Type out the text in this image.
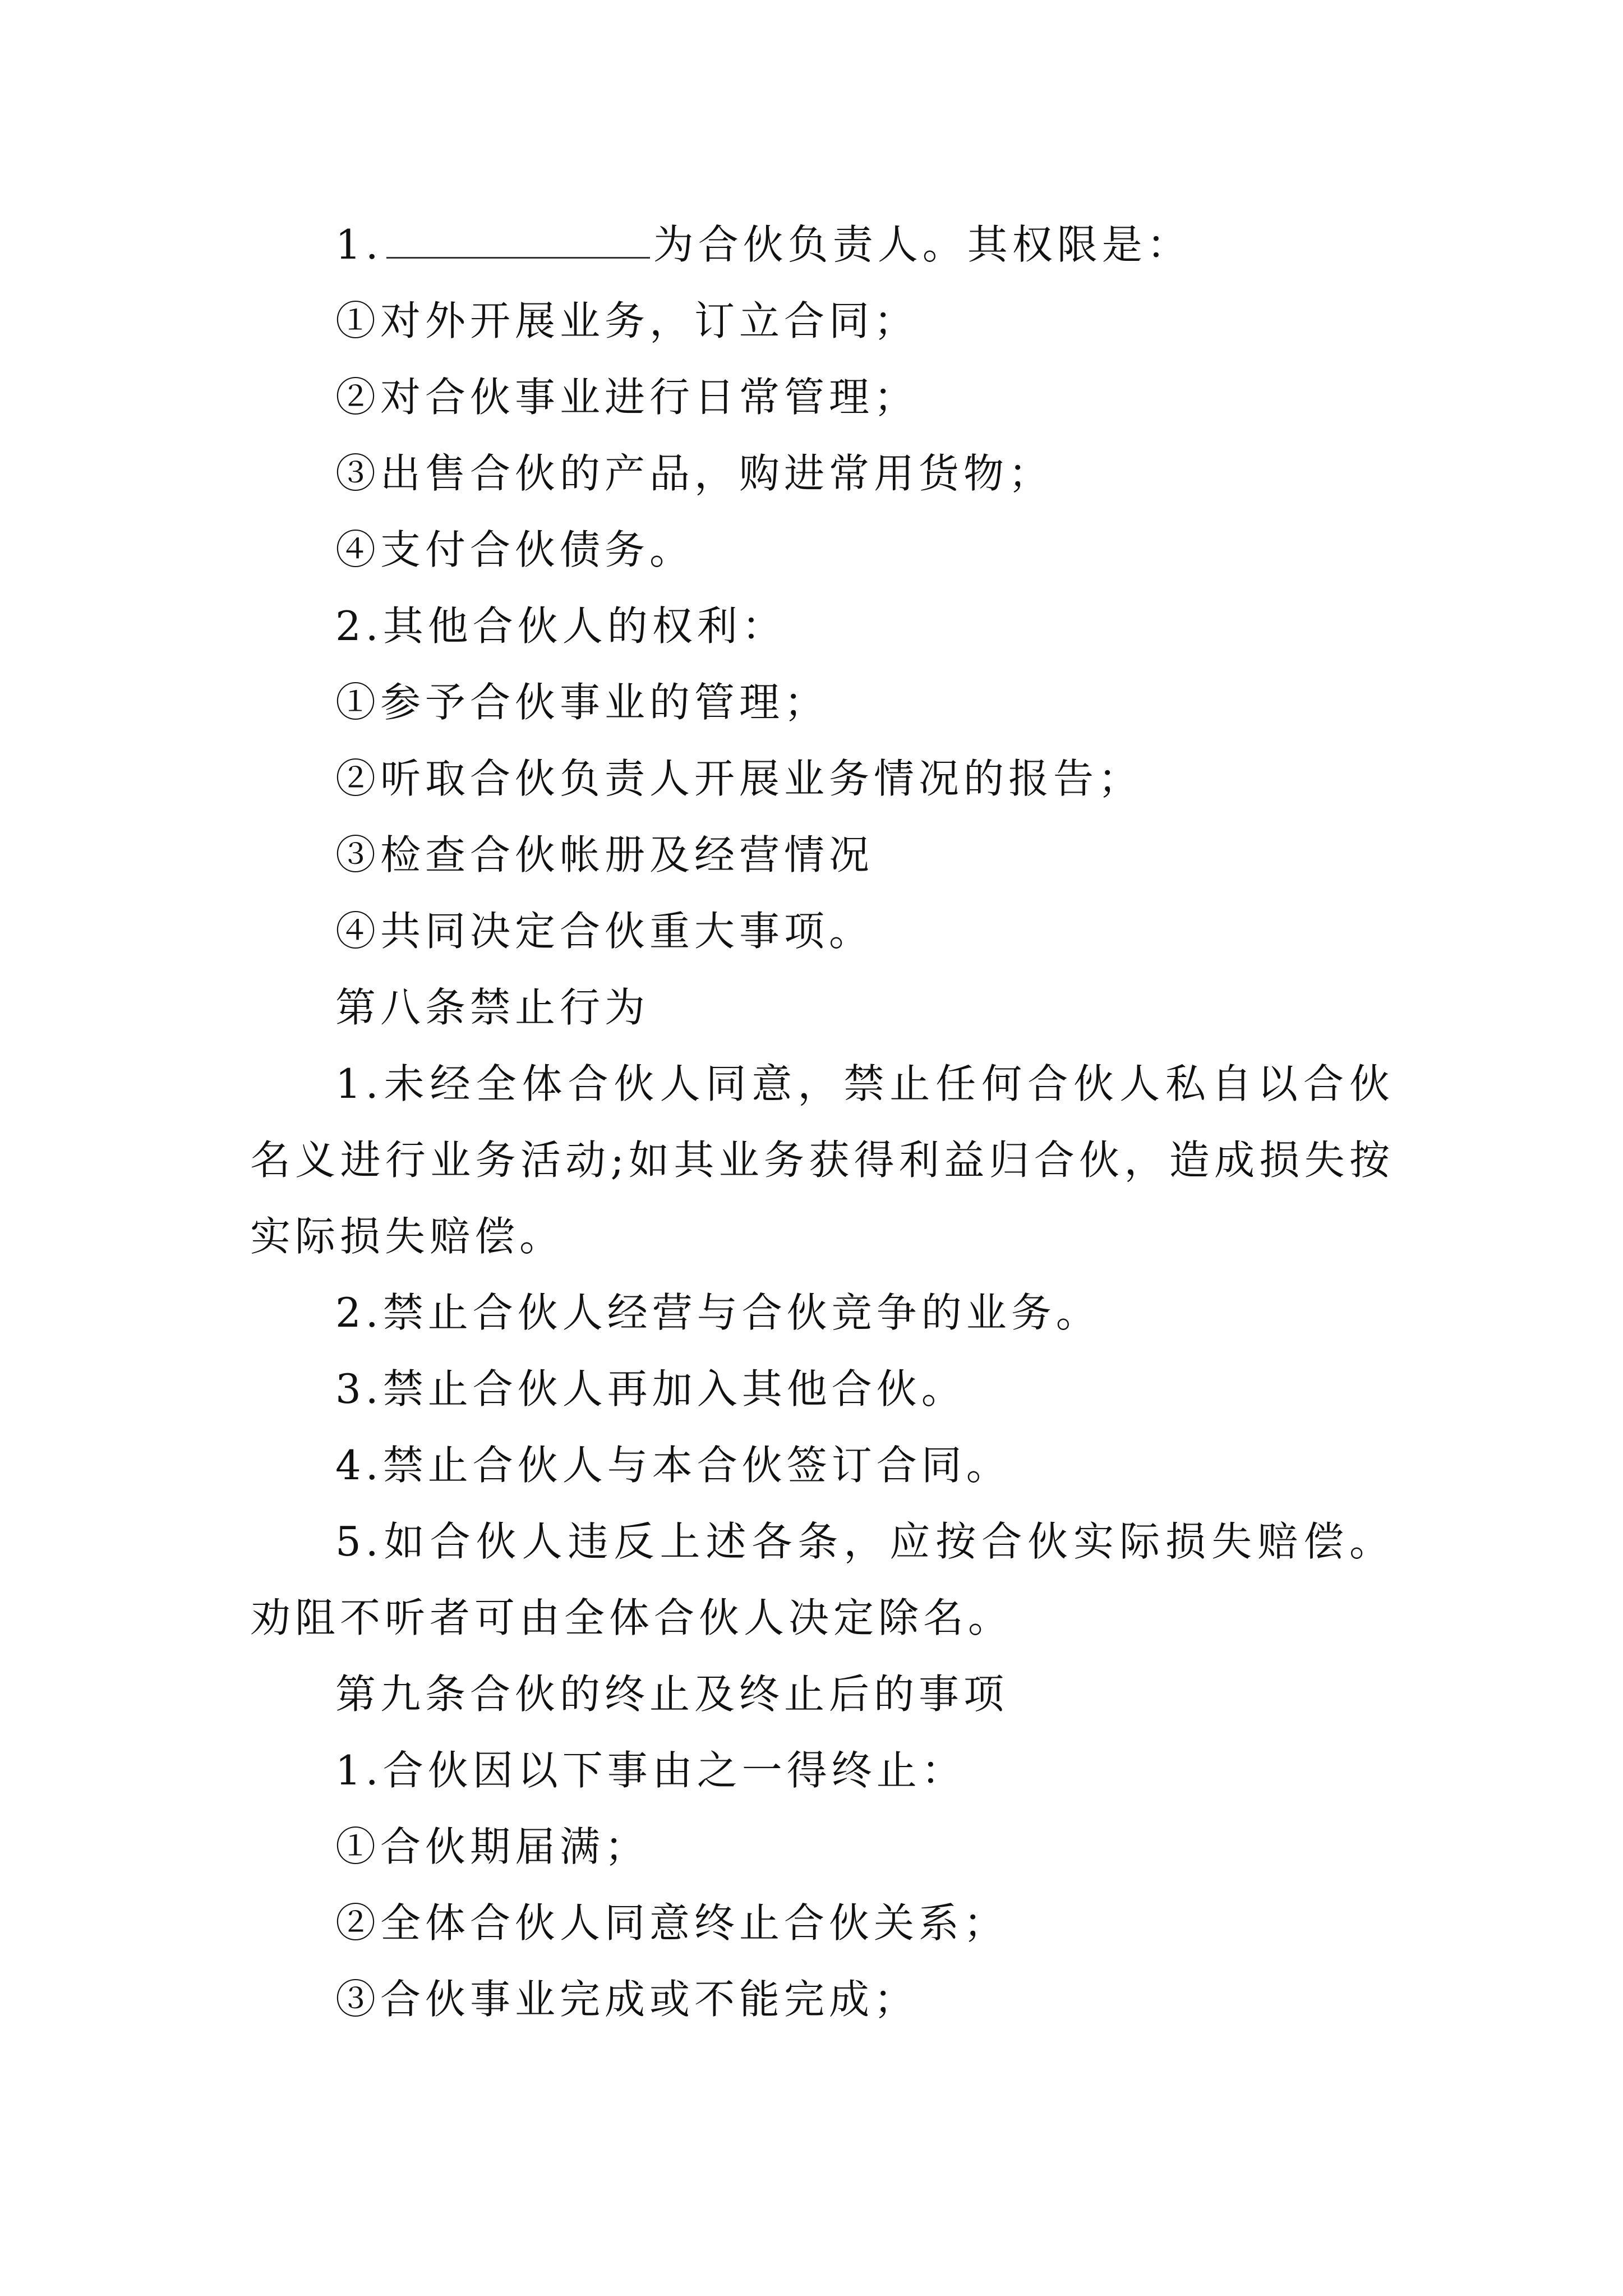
1.	为合伙负责人。其权限是：

①对外开展业务，订立合同；

②对合伙事业进行日常管理；

③出售合伙的产品，购进常用货物；

④支付合伙债务。

2.其他合伙人的权利：

①参予合伙事业的管理；

②听取合伙负责人开展业务情况的报告；

③检查合伙帐册及经营情况

④共同决定合伙重大事项。

第八条禁止行为

1.未经全体合伙人同意，禁止任何合伙人私自以合伙名义进行业务活动;如其业务获得利益归合伙，造成损失按实际损失赔偿。

2.禁止合伙人经营与合伙竞争的业务。

3.禁止合伙人再加入其他合伙。

4.禁止合伙人与本合伙签订合同。

5.如合伙人违反上述各条，应按合伙实际损失赔偿。劝阻不听者可由全体合伙人决定除名。

第九条合伙的终止及终止后的事项

1.合伙因以下事由之一得终止：

①合伙期届满；

②全体合伙人同意终止合伙关系；

③合伙事业完成或不能完成；
